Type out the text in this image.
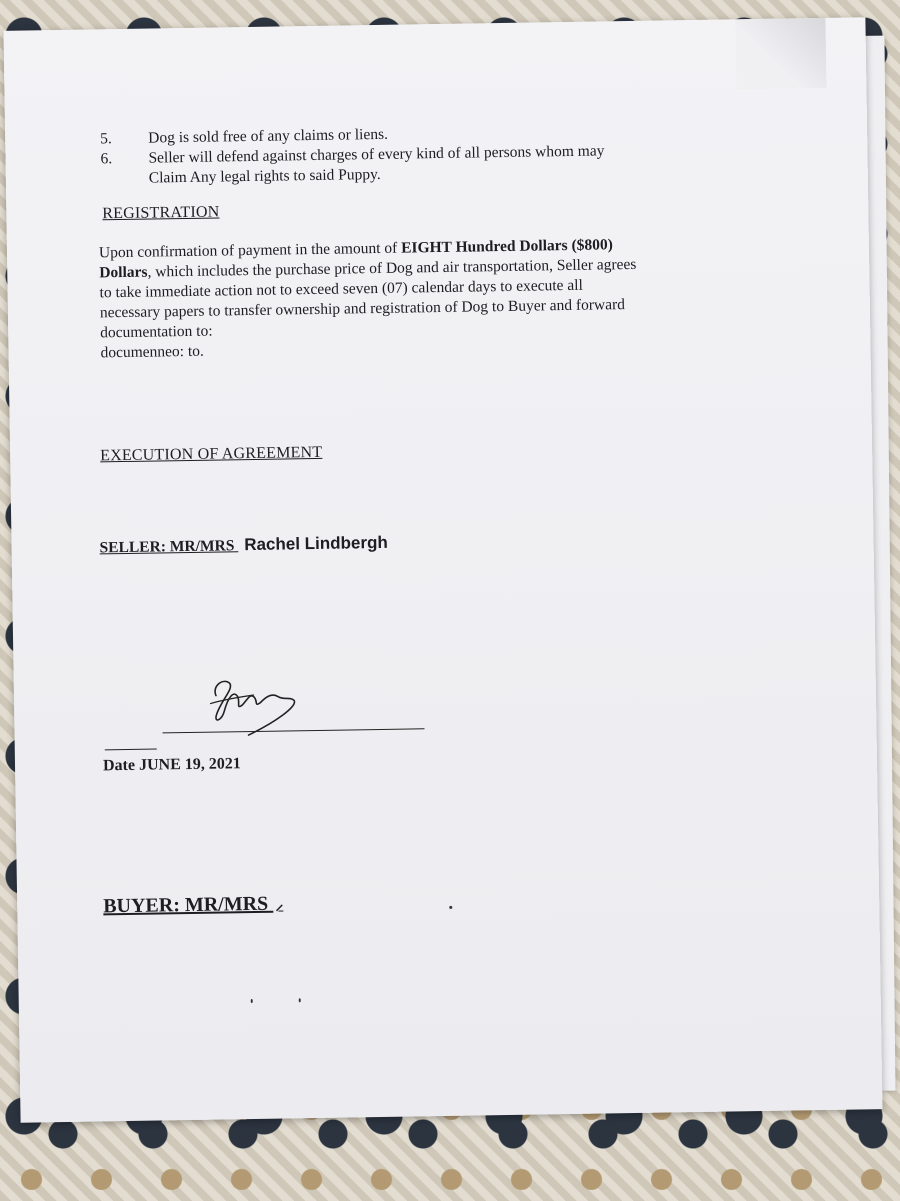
5. Dog is sold free of any claims or liens.
6. Seller will defend against charges of every kind of all persons whom may
Claim Any legal rights to said Puppy.
REGISTRATION
Upon confirmation of payment in the amount of EIGHT Hundred Dollars ($800)
Dollars, which includes the purchase price of Dog and air transportation, Seller agrees
to take immediate action not to exceed seven (07) calendar days to execute all
necessary papers to transfer ownership and registration of Dog to Buyer and forward
documentation to:
documenneo: to.
EXECUTION OF AGREEMENT
SELLER: MR/MRS Rachel Lindbergh
Date JUNE 19, 2021
BUYER: MR/MRS ⸝
